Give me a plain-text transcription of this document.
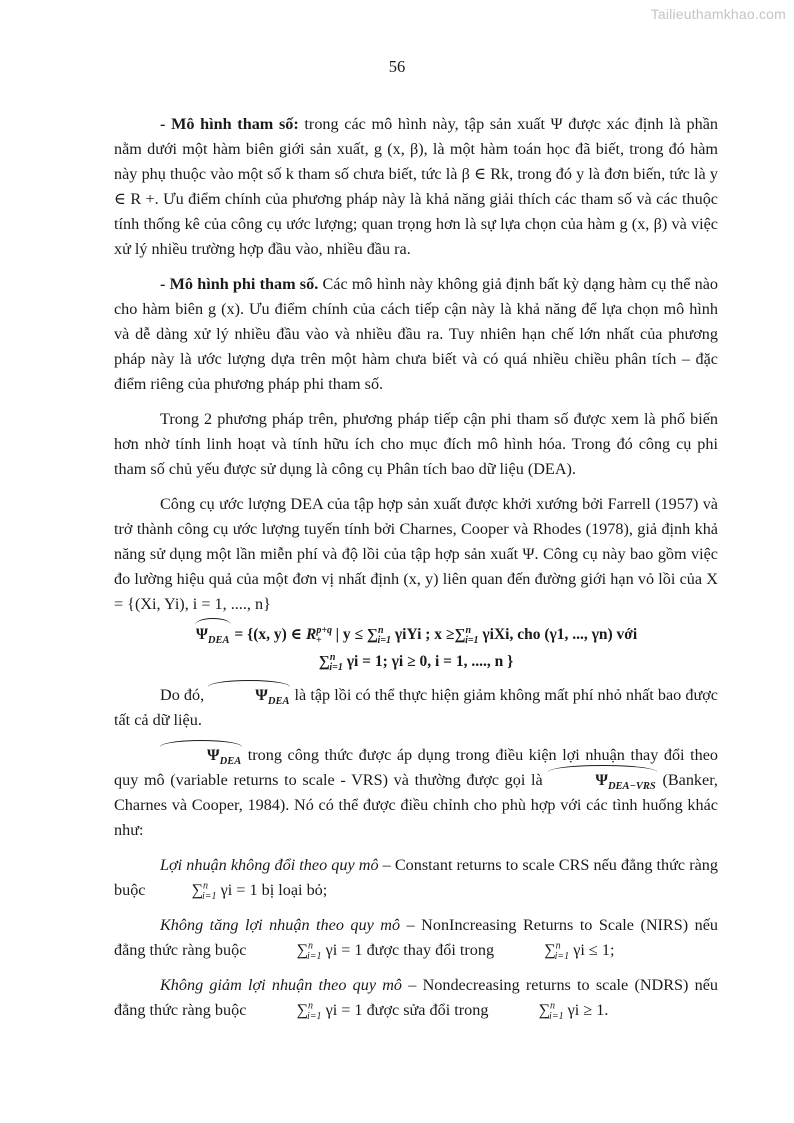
Tailieuthamkhao.com
56

- Mô hình tham số: trong các mô hình này, tập sản xuất Ψ được xác định là phần nằm dưới một hàm biên giới sản xuất, g (x, β), là một hàm toán học đã biết, trong đó hàm này phụ thuộc vào một số k tham số chưa biết, tức là β ∈ Rk, trong đó y là đơn biến, tức là y ∈ R +. Ưu điểm chính của phương pháp này là khả năng giải thích các tham số và các thuộc tính thống kê của công cụ ước lượng; quan trọng hơn là sự lựa chọn của hàm g (x, β) và việc xử lý nhiều trường hợp đầu vào, nhiều đầu ra.

- Mô hình phi tham số. Các mô hình này không giả định bất kỳ dạng hàm cụ thể nào cho hàm biên g (x). Ưu điểm chính của cách tiếp cận này là khả năng để lựa chọn mô hình và dễ dàng xử lý nhiều đầu vào và nhiều đầu ra. Tuy nhiên hạn chế lớn nhất của phương pháp này là ước lượng dựa trên một hàm chưa biết và có quá nhiều chiều phân tích – đặc điểm riêng của phương pháp phi tham số.

Trong 2 phương pháp trên, phương pháp tiếp cận phi tham số được xem là phổ biến hơn nhờ tính linh hoạt và tính hữu ích cho mục đích mô hình hóa. Trong đó công cụ phi tham số chủ yếu được sử dụng là công cụ Phân tích bao dữ liệu (DEA).

Công cụ ước lượng DEA của tập hợp sản xuất được khởi xướng bởi Farrell (1957) và trở thành công cụ ước lượng tuyến tính bởi Charnes, Cooper và Rhodes (1978), giả định khả năng sử dụng một lần miễn phí và độ lồi của tập hợp sản xuất Ψ. Công cụ này bao gồm việc đo lường hiệu quả của một đơn vị nhất định (x, y) liên quan đến đường giới hạn vỏ lồi của X = {(Xi, Yi), i = 1, ...., n}

$\Psi_{DEA} = \{(x$, y) ∈ $R^{p+q}_+$ | y ≤ ∑$^n_{i=1}$ γiYi ; x ≥∑$^n_{i=1}$ γiXi, cho (γ1, ..., γn) với
∑$^n_{i=1}$ γi = 1; γi ≥ 0, i = 1, ...., n }

Do đó,	$\Psi_{DEA}$ là tập lồi có thể thực hiện giảm không mất phí nhỏ nhất bao được tất cả dữ liệu.

$\Psi_{DEA}$ trong công thức được áp dụng trong điều kiện lợi nhuận thay đổi theo quy mô (variable returns to scale - VRS) và thường được gọi là	$\Psi_{DEA-VRS}$ (Banker, Charnes và Cooper, 1984). Nó có thể được điều chỉnh cho phù hợp với các tình huống khác như:

Lợi nhuận không đổi theo quy mô – Constant returns to scale CRS nếu đẳng thức ràng buộc	∑$^n_{i=1}$ γi = 1 bị loại bỏ;

Không tăng lợi nhuận theo quy mô – NonIncreasing Returns to Scale (NIRS) nếu đẳng thức ràng buộc	∑$^n_{i=1}$ γi = 1 được thay đổi trong	∑$^n_{i=1}$ γi ≤ 1;

Không giảm lợi nhuận theo quy mô – Nondecreasing returns to scale (NDRS) nếu đẳng thức ràng buộc	∑$^n_{i=1}$ γi = 1 được sửa đổi trong	∑$^n_{i=1}$ γi ≥ 1.
